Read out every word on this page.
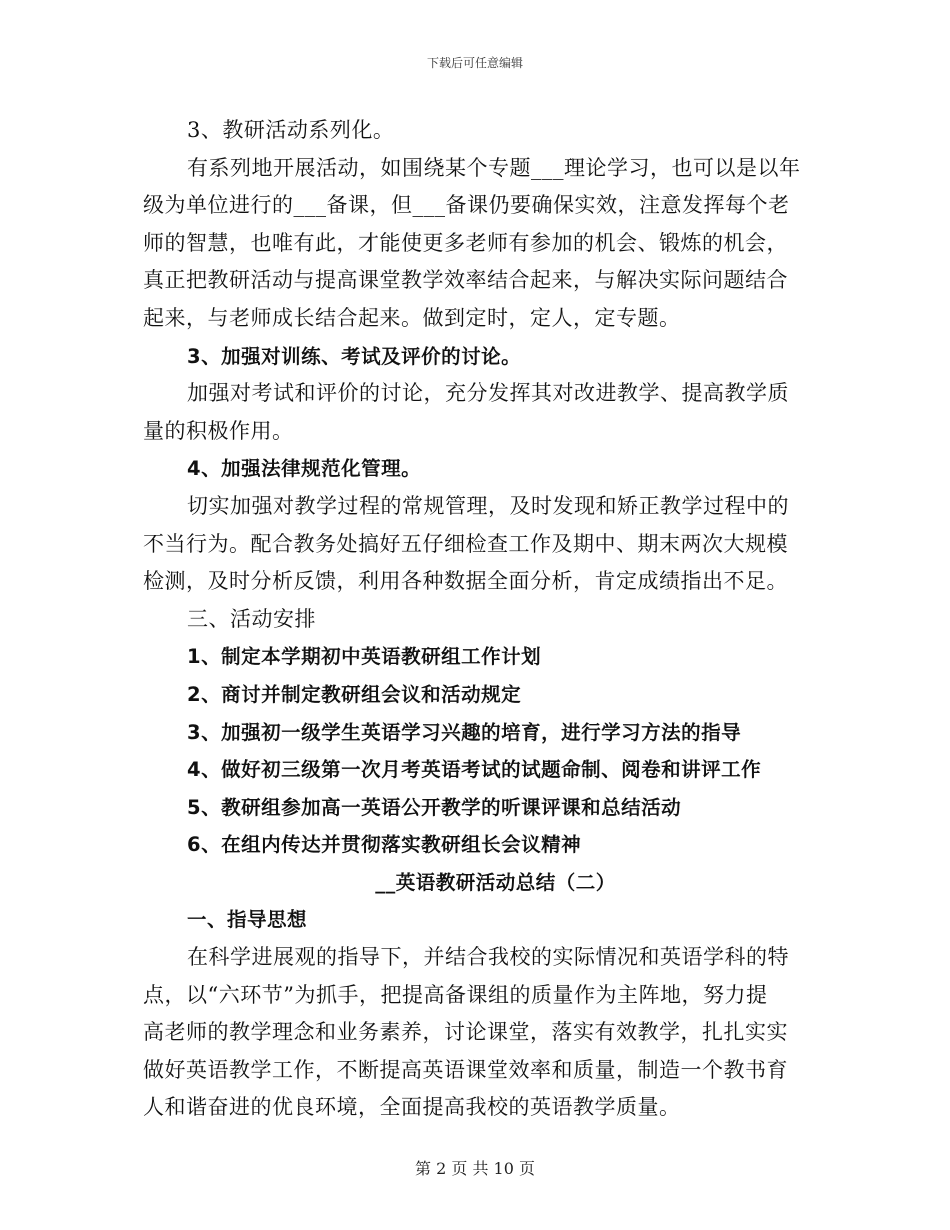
下载后可任意编辑
3、教研活动系列化。
有系列地开展活动，如围绕某个专题___理论学习，也可以是以年
级为单位进行的___备课，但___备课仍要确保实效，注意发挥每个老
师的智慧，也唯有此，才能使更多老师有参加的机会、锻炼的机会，
真正把教研活动与提高课堂教学效率结合起来，与解决实际问题结合
起来，与老师成长结合起来。做到定时，定人，定专题。
3、加强对训练、考试及评价的讨论。
加强对考试和评价的讨论，充分发挥其对改进教学、提高教学质
量的积极作用。
4、加强法律规范化管理。
切实加强对教学过程的常规管理，及时发现和矫正教学过程中的
不当行为。配合教务处搞好五仔细检查工作及期中、期末两次大规模
检测，及时分析反馈，利用各种数据全面分析，肯定成绩指出不足。
三、活动安排
1、制定本学期初中英语教研组工作计划
2、商讨并制定教研组会议和活动规定
3、加强初一级学生英语学习兴趣的培育，进行学习方法的指导
4、做好初三级第一次月考英语考试的试题命制、阅卷和讲评工作
5、教研组参加高一英语公开教学的听课评课和总结活动
6、在组内传达并贯彻落实教研组长会议精神
__英语教研活动总结（二）
一、指导思想
在科学进展观的指导下，并结合我校的实际情况和英语学科的特
点，以“六环节”为抓手，把提高备课组的质量作为主阵地，努力提
高老师的教学理念和业务素养，讨论课堂，落实有效教学，扎扎实实
做好英语教学工作，不断提高英语课堂效率和质量，制造一个教书育
人和谐奋进的优良环境，全面提高我校的英语教学质量。
第 2 页 共 10 页
